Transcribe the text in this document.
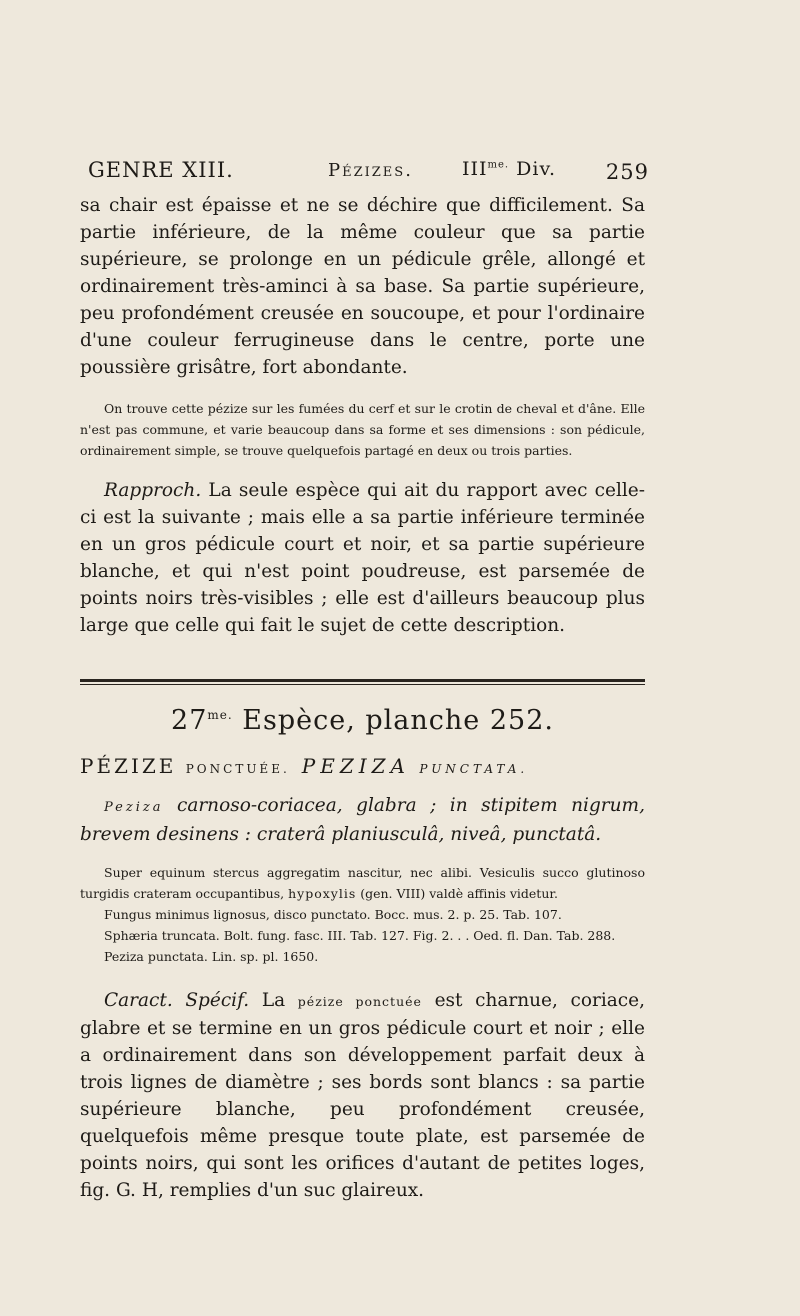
GENRE XIII.	Pézizes.	$III^{me.}$ Div. 259

sa chair est épaisse et ne se déchire que difficilement. Sa partie inférieure, de la même couleur que sa partie supérieure, se prolonge en un pédicule grêle, allongé et ordinairement très-aminci à sa base. Sa partie supérieure, peu profondément creusée en soucoupe, et pour l'ordinaire d'une couleur ferrugineuse dans le centre, porte une poussière grisâtre, fort abondante.

On trouve cette pézize sur les fumées du cerf et sur le crotin de cheval et d'âne. Elle n'est pas commune, et varie beaucoup dans sa forme et ses dimensions : son pédicule, ordinairement simple, se trouve quelquefois partagé en deux ou trois parties.

Rapproch. La seule espèce qui ait du rapport avec celle-ci est la suivante ; mais elle a sa partie inférieure terminée en un gros pédicule court et noir, et sa partie supérieure blanche, et qui n'est point poudreuse, est parsemée de points noirs très-visibles ; elle est d'ailleurs beaucoup plus large que celle qui fait le sujet de cette description.

$27^{me.}$ Espèce, planche 252.
PÉZIZE PONCTUÉE. PEZIZA PUNCTATA.

Peziza carnoso-coriacea, glabra ; in stipitem nigrum, brevem desinens : craterâ planiusculâ, niveâ, punctatâ.

Super equinum stercus aggregatim nascitur, nec alibi. Vesiculis succo glutinoso turgidis crateram occupantibus, hypoxylis (gen. VIII) valdè affinis videtur.

Fungus minimus lignosus, disco punctato. Bocc. mus. 2. p. 25. Tab. 107.

Sphæria truncata. Bolt. fung. fasc. III. Tab. 127. Fig. 2. . . Oed. fl. Dan. Tab. 288.

Peziza punctata. Lin. sp. pl. 1650.

Caract. Spécif. La pézize ponctuée est charnue, coriace, glabre et se termine en un gros pédicule court et noir ; elle a ordinairement dans son développement parfait deux à trois lignes de diamètre ; ses bords sont blancs : sa partie supérieure blanche, peu profondément creusée, quelquefois même presque toute plate, est parsemée de points noirs, qui sont les orifices d'autant de petites loges, fig. G. H, remplies d'un suc glaireux.
